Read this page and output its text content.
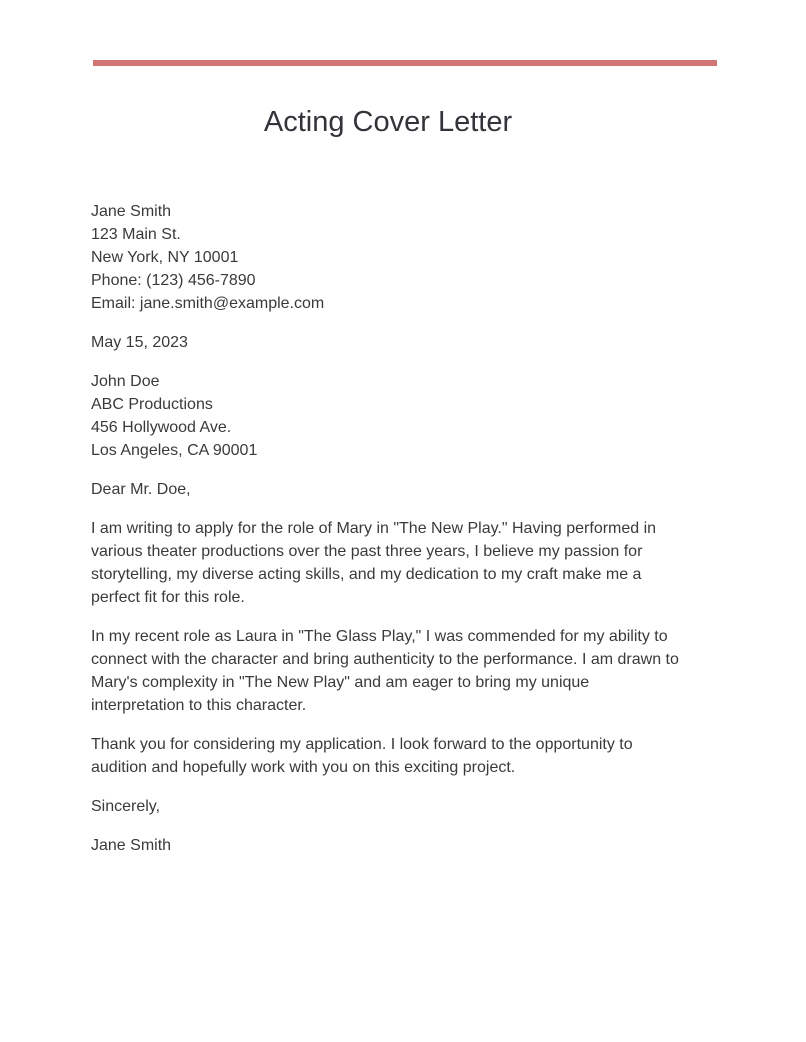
Acting Cover Letter
Jane Smith
123 Main St.
New York, NY 10001
Phone: (123) 456-7890
Email: jane.smith@example.com
May 15, 2023
John Doe
ABC Productions
456 Hollywood Ave.
Los Angeles, CA 90001
Dear Mr. Doe,
I am writing to apply for the role of Mary in "The New Play." Having performed in
various theater productions over the past three years, I believe my passion for
storytelling, my diverse acting skills, and my dedication to my craft make me a
perfect fit for this role.
In my recent role as Laura in "The Glass Play," I was commended for my ability to
connect with the character and bring authenticity to the performance. I am drawn to
Mary's complexity in "The New Play" and am eager to bring my unique
interpretation to this character.
Thank you for considering my application. I look forward to the opportunity to
audition and hopefully work with you on this exciting project.
Sincerely,
Jane Smith
